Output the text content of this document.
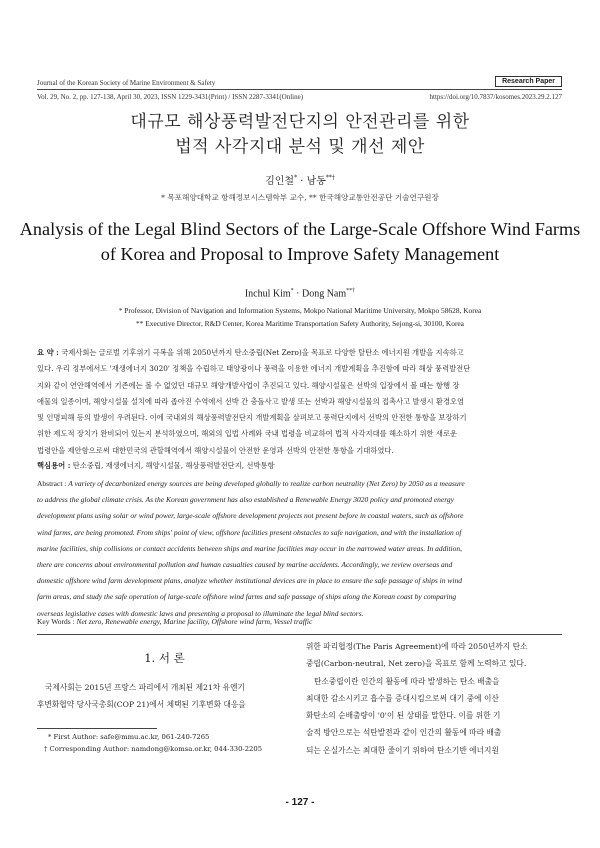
Journal of the Korean Society of Marine Environment & Safety
Vol. 29, No. 2, pp. 127-138, April 30, 2023, ISSN 1229-3431(Print) / ISSN 2287-3341(Online)	https://doi.org/10.7837/kosomes.2023.29.2.127
Research Paper
대규모 해상풍력발전단지의 안전관리를 위한
법적 사각지대 분석 및 개선 제안
김인철* · 남동**†
* 목포해양대학교 항해정보시스템학부 교수, ** 한국해양교통안전공단 기술연구원장
Analysis of the Legal Blind Sectors of the Large-Scale Offshore Wind Farms
of Korea and Proposal to Improve Safety Management
Inchul Kim* · Dong Nam**†
* Professor, Division of Navigation and Information Systems, Mokpo National Maritime University, Mokpo 58628, Korea
** Executive Director, R&D Center, Korea Maritime Transportation Safety Authority, Sejong-si, 30100, Korea
요 약 : 국제사회는 글로벌 기후위기 극복을 위해 2050년까지 탄소중립(Net Zero)을 목표로 다양한 탈탄소 에너지원 개발을 지속하고
있다. 우리 정부에서도 '재생에너지 3020' 정책을 수립하고 태양광이나 풍력을 이용한 에너지 개발계획을 추진함에 따라 해상 풍력발전단
지와 같이 연안해역에서 기존에는 볼 수 없었던 대규모 해양개발사업이 추진되고 있다. 해양시설물은 선박의 입장에서 볼 때는 항행 장
애물의 일종이며, 해양시설물 설치에 따라 좁아진 수역에서 선박 간 충돌사고 발생 또는 선박과 해양시설물의 접촉사고 발생시 환경오염
및 인명피해 등의 발생이 우려된다. 이에 국내외의 해상풍력발전단지 개발계획을 살펴보고 풍력단지에서 선박의 안전한 통항을 보장하기
위한 제도적 장치가 완비되어 있는지 분석하였으며, 해외의 입법 사례와 국내 법령을 비교하여 법적 사각지대를 해소하기 위한 새로운
법령안을 제안함으로써 대한민국의 관할해역에서 해양시설물이 안전한 운영과 선박의 안전한 통항을 기대하였다.
핵심용어 : 탄소중립, 재생에너지, 해양시설물, 해상풍력발전단지, 선박통항
Abstract : A variety of decarbonized energy sources are being developed globally to realize carbon neutrality (Net Zero) by 2050 as a measure
to address the global climate crisis. As the Korean government has also established a Renewable Energy 3020 policy and promoted energy
development plans using solar or wind power, large-scale offshore development projects not present before in coastal waters, such as offshore
wind farms, are being promoted. From ships' point of view, offshore facilities present obstacles to safe navigation, and with the installation of
marine facilities, ship collisions or contact accidents between ships and marine facilities may occur in the narrowed water areas. In addition,
there are concerns about environmental pollution and human casualties caused by marine accidents. Accordingly, we review overseas and
domestic offshore wind farm development plans, analyze whether institutional devices are in place to ensure the safe passage of ships in wind
farm areas, and study the safe operation of large-scale offshore wind farms and safe passage of ships along the Korean coast by comparing
overseas legislative cases with domestic laws and presenting a proposal to illuminate the legal blind sectors.
Key Words : Net zero, Renewable energy, Marine facility, Offshore wind farm, Vessel traffic
1. 서 론
국제사회는 2015년 프랑스 파리에서 개최된 제21차 유엔기
후변화협약 당사국총회(COP 21)에서 체택된 기후변화 대응을
위한 파리협정(The Paris Agreement)에 따라 2050년까지 탄소
중립(Carbon-neutral, Net zero)을 목표로 함께 노력하고 있다.
탄소중립이란 인간의 활동에 따라 발생하는 탄소 배출을
최대한 감소시키고 흡수를 증대시킴으로써 대기 중에 이산
화탄소의 순배출량이 '0'이 된 상태를 말한다. 이를 위한 기
술적 방안으로는 석탄발전과 같이 인간의 활동에 따라 배출
되는 온실가스는 최대한 줄이기 위하여 탄소기반 에너지원
* First Author: safe@mmu.ac.kr, 061-240-7265
† Corresponding Author: namdong@komsa.or.kr, 044-330-2205
- 127 -
